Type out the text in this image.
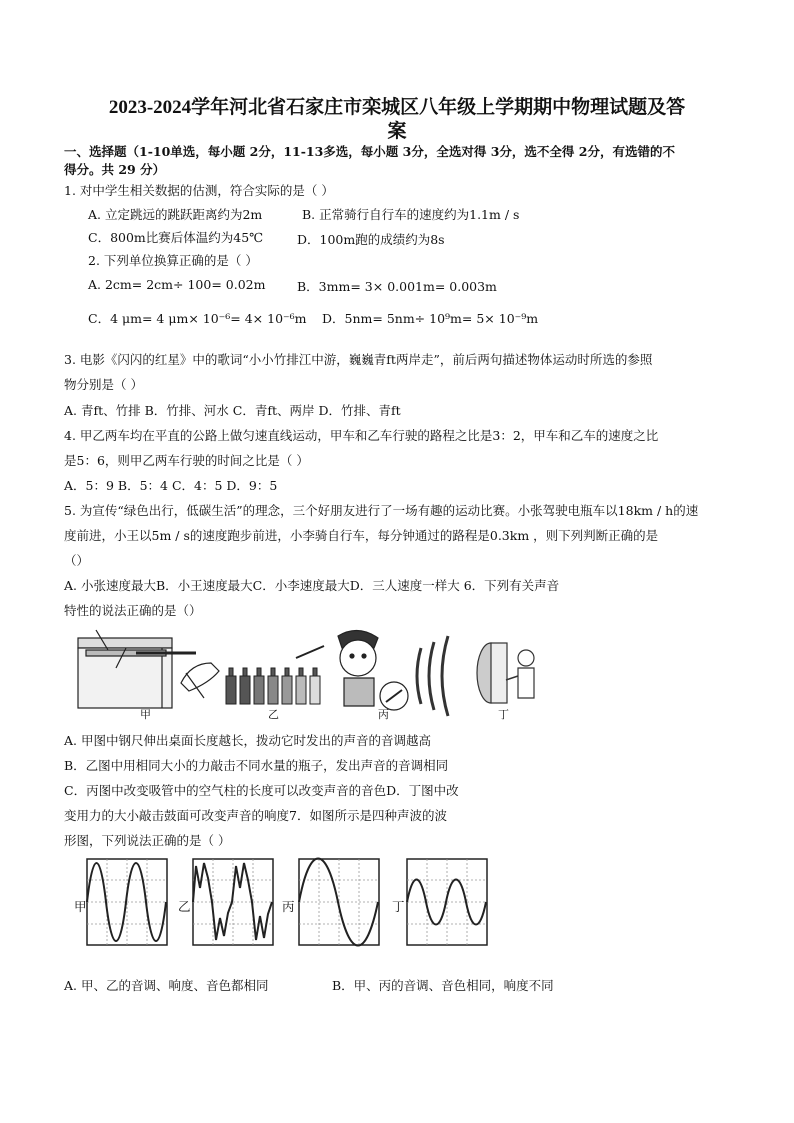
2023-2024学年河北省石家庄市栾城区八年级上学期期中物理试题及答
案
一、选择题（1-10单选，每小题 2分，11-13多选，每小题 3分，全选对得 3分，选不全得 2分，有选错的不
得分。共 29 分）
1. 对中学生相关数据的估测，符合实际的是（ ）
A. 立定跳远的跳跃距离约为2m	B. 正常骑行自行车的速度约为1.1m / s
C．800m比赛后体温约为45℃	D．100m跑的成绩约为8s
2. 下列单位换算正确的是（ ）
A. 2cm= 2cm÷ 100= 0.02m	B．3mm= 3× 0.001m= 0.003m
C．4 μm= 4 μm× 10⁻⁶= 4× 10⁻⁶m D．5nm= 5nm÷ 10⁹m= 5× 10⁻⁹m
3. 电影《闪闪的红星》中的歌词“小小竹排江中游，巍巍青ft两岸走”，前后两句描述物体运动时所选的参照
物分别是（ ）
A. 青ft、竹排 B．竹排、河水 C．青ft、两岸 D．竹排、青ft
4. 甲乙两车均在平直的公路上做匀速直线运动，甲车和乙车行驶的路程之比是3：2，甲车和乙车的速度之比
是5：6，则甲乙两车行驶的时间之比是（ ）
A．5：9 B．5：4 C．4：5 D．9：5
5. 为宣传“绿色出行，低碳生活”的理念，三个好朋友进行了一场有趣的运动比赛。小张驾驶电瓶车以18km / h的速
度前进，小王以5m / s的速度跑步前进，小李骑自行车，每分钟通过的路程是0.3km ，则下列判断正确的是
（）
A. 小张速度最大B．小王速度最大C．小李速度最大D．三人速度一样大 6．下列有关声音
特性的说法正确的是（）
甲	乙	丙	丁
A. 甲图中钢尺伸出桌面长度越长，拨动它时发出的声音的音调越高
B．乙图中用相同大小的力敲击不同水量的瓶子，发出声音的音调相同
C．丙图中改变吸管中的空气柱的长度可以改变声音的音色D．丁图中改
变用力的大小敲击鼓面可改变声音的响度7．如图所示是四种声波的波
形图，下列说法正确的是（ ）
甲	乙	丙	丁
A. 甲、乙的音调、响度、音色都相同	B．甲、丙的音调、音色相同，响度不同
